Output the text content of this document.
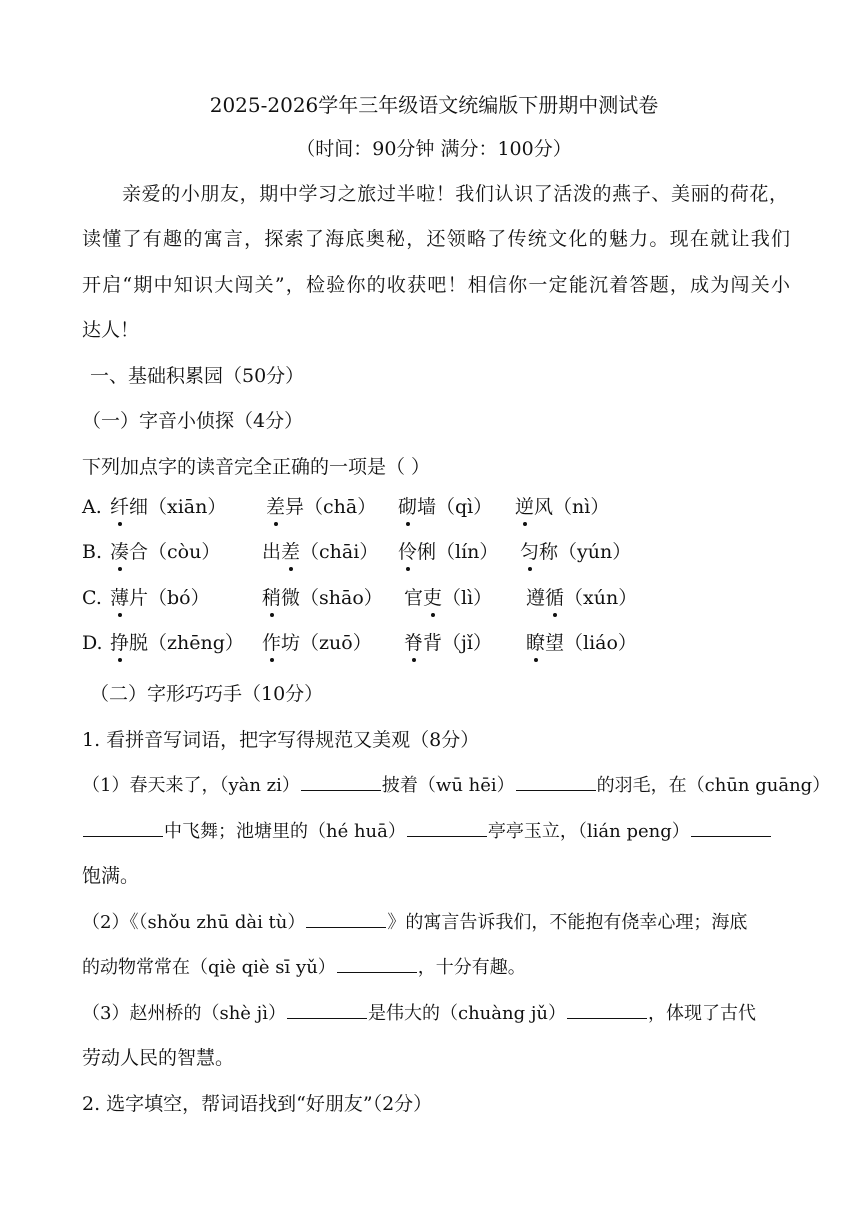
2025-2026学年三年级语文统编版下册期中测试卷
（时间：90分钟 满分：100分）
亲爱的小朋友，期中学习之旅过半啦！我们认识了活泼的燕子、美丽的荷花，
读懂了有趣的寓言，探索了海底奥秘，还领略了传统文化的魅力。现在就让我们
开启“期中知识大闯关”，检验你的收获吧！相信你一定能沉着答题，成为闯关小
达人！
一、基础积累园（50分）
（一）字音小侦探（4分）
下列加点字的读音完全正确的一项是（ ）
A. 纤细（xiān） 差异（chā） 砌墙（qì） 逆风（nì）
B. 凑合（còu） 出差（chāi） 伶俐（lín） 匀称（yún）
C. 薄片（bó）	稍微（shāo） 官吏（lì） 遵循（xún）
D. 挣脱（zhēng） 作坊（zuō） 脊背（jǐ） 瞭望（liáo）
（二）字形巧巧手（10分）
1. 看拼音写词语，把字写得规范又美观（8分）
（1）春天来了，（yàn zi）	披着（wū hēi）	的羽毛，在（chūn guāng）
中飞舞；池塘里的（hé huā）	亭亭玉立，（lián peng）
饱满。
（2）《（shǒu zhū dài tù）	》的寓言告诉我们，不能抱有侥幸心理；海底
的动物常常在（qiè qiè sī yǔ）	，十分有趣。
（3）赵州桥的（shè jì）	是伟大的（chuàng jǔ）	，体现了古代
劳动人民的智慧。
2. 选字填空，帮词语找到“好朋友”（2分）
